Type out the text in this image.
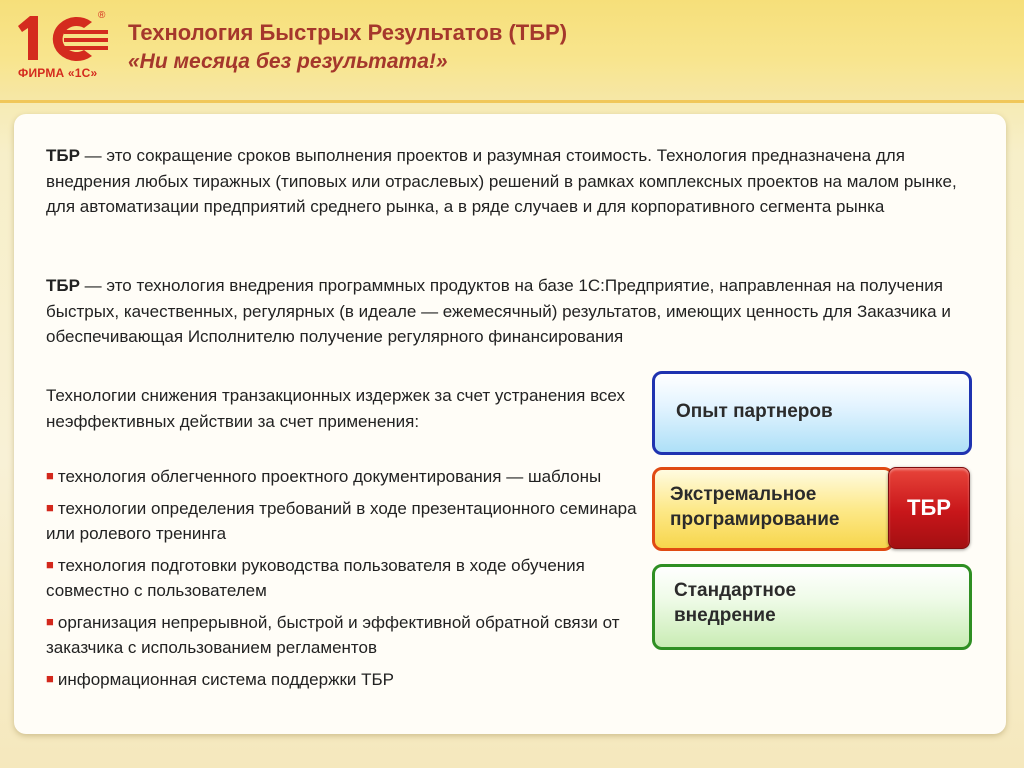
®
ФИРМА «1С»
Технология Быстрых Результатов (ТБР)
«Ни месяца без результата!»
ТБР — это сокращение сроков выполнения проектов и разумная стоимость. Технология предназначена для внедрения любых тиражных (типовых или отраслевых) решений в рамках комплексных проектов на малом рынке, для автоматизации предприятий среднего рынка, а в ряде случаев и для корпоративного сегмента рынка
ТБР — это технология внедрения программных продуктов на базе 1С:Предприятие, направленная на получения быстрых, качественных, регулярных (в идеале — ежемесячный) результатов, имеющих ценность для Заказчика и обеспечивающая Исполнителю получение регулярного финансирования
Технологии снижения транзакционных издержек за счет устранения всех неэффективных действии за счет применения:
■ технология облегченного проектного документирования — шаблоны
■ технологии определения требований в ходе презентационного семинара или ролевого тренинга
■ технология подготовки руководства пользователя в ходе обучения совместно с пользователем
■ организация непрерывной, быстрой и эффективной обратной связи от заказчика с использованием регламентов
■ информационная система поддержки ТБР
Опыт партнеров
Экстремальное
програмирование
Стандартное
внедрение
ТБР
